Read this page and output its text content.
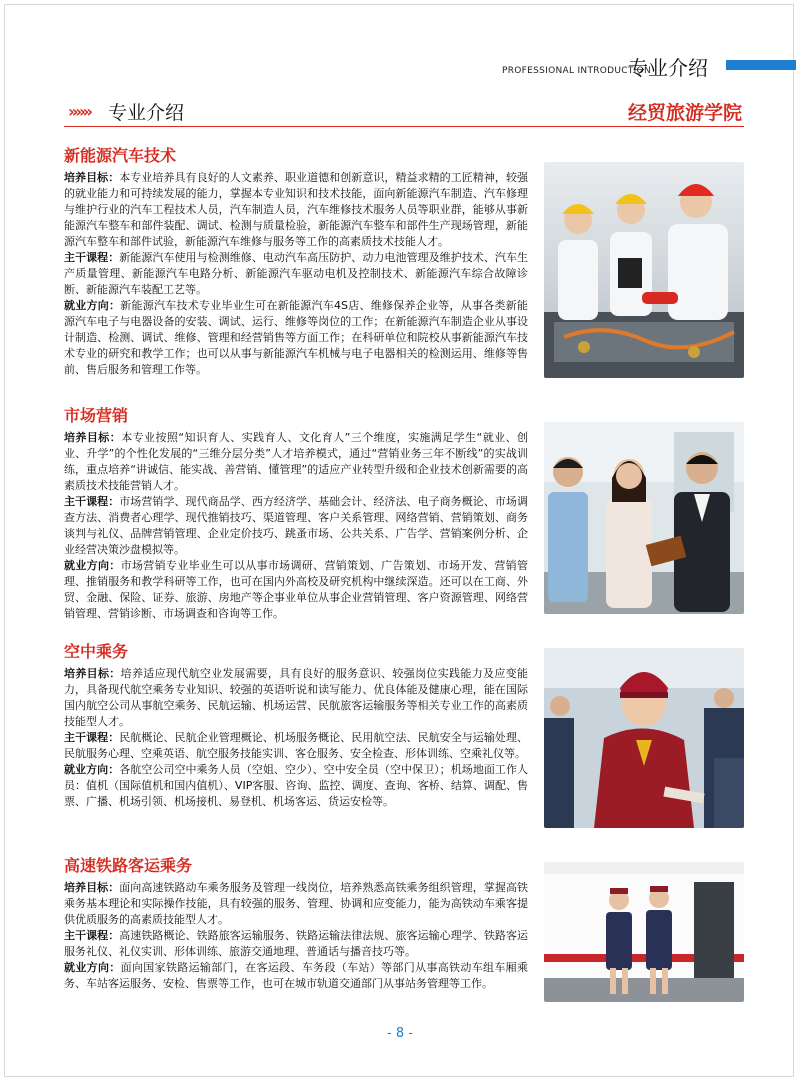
PROFESSIONAL INTRODUCTION
专业介绍
»»» 专业介绍	经贸旅游学院
新能源汽车技术

培养目标：本专业培养具有良好的人文素养、职业道德和创新意识，精益求精的工匠精神，较强的就业能力和可持续发展的能力，掌握本专业知识和技术技能，面向新能源汽车制造、汽车修理与维护行业的汽车工程技术人员，汽车制造人员，汽车维修技术服务人员等职业群，能够从事新能源汽车整车和部件装配、调试、检测与质量检验，新能源汽车整车和部件生产现场管理，新能源汽车整车和部件试验，新能源汽车维修与服务等工作的高素质技术技能人才。

主干课程：新能源汽车使用与检测维修、电动汽车高压防护、动力电池管理及维护技术、汽车生产质量管理、新能源汽车电路分析、新能源汽车驱动电机及控制技术、新能源汽车综合故障诊断、新能源汽车装配工艺等。

就业方向：新能源汽车技术专业毕业生可在新能源汽车4S店、维修保养企业等，从事各类新能源汽车电子与电器设备的安装、调试、运行、维修等岗位的工作；在新能源汽车制造企业从事设计制造、检测、调试、维修、管理和经营销售等方面工作；在科研单位和院校从事新能源汽车技术专业的研究和教学工作；也可以从事与新能源汽车机械与电子电器相关的检测运用、维修等售前、售后服务和管理工作等。

市场营销

培养目标：本专业按照“知识育人、实践育人、文化育人”三个维度，实施满足学生“就业、创业、升学”的个性化发展的“三维分层分类”人才培养模式，通过“营销业务三年不断线”的实战训练，重点培养“讲诚信、能实战、善营销、懂管理”的适应产业转型升级和企业技术创新需要的高素质技术技能营销人才。

主干课程：市场营销学、现代商品学、西方经济学、基础会计、经济法、电子商务概论、市场调查方法、消费者心理学、现代推销技巧、渠道管理、客户关系管理、网络营销、营销策划、商务谈判与礼仪、品牌营销管理、企业定价技巧、跳蚤市场、公共关系、广告学、营销案例分析、企业经营决策沙盘模拟等。

就业方向：市场营销专业毕业生可以从事市场调研、营销策划、广告策划、市场开发、营销管理、推销服务和教学科研等工作，也可在国内外高校及研究机构中继续深造。还可以在工商、外贸、金融、保险、证券、旅游、房地产等企事业单位从事企业营销管理、客户资源管理、网络营销管理、营销诊断、市场调查和咨询等工作。

空中乘务

培养目标：培养适应现代航空业发展需要，具有良好的服务意识、较强岗位实践能力及应变能力，具备现代航空乘务专业知识、较强的英语听说和读写能力、优良体能及健康心理，能在国际国内航空公司从事航空乘务、民航运输、机场运营、民航旅客运输服务等相关专业工作的高素质技能型人才。

主干课程：民航概论、民航企业管理概论、机场服务概论、民用航空法、民航安全与运输处理、民航服务心理、空乘英语、航空服务技能实训、客仓服务、安全检查、形体训练、空乘礼仪等。

就业方向：各航空公司空中乘务人员（空姐、空少）、空中安全员（空中保卫）；机场地面工作人员：值机（国际值机和国内值机）、VIP客服、咨询、监控、调度、查询、客桥、结算、调配、售票、广播、机场引领、机场接机、易登机、机场客运、货运安检等。

高速铁路客运乘务

培养目标：面向高速铁路动车乘务服务及管理一线岗位，培养熟悉高铁乘务组织管理，掌握高铁乘务基本理论和实际操作技能，具有较强的服务、管理、协调和应变能力，能为高铁动车乘客提供优质服务的高素质技能型人才。

主干课程：高速铁路概论、铁路旅客运输服务、铁路运输法律法规、旅客运输心理学、铁路客运服务礼仪、礼仪实训、形体训练、旅游交通地理、普通话与播音技巧等。

就业方向：面向国家铁路运输部门，在客运段、车务段（车站）等部门从事高铁动车组车厢乘务、车站客运服务、安检、售票等工作，也可在城市轨道交通部门从事站务管理等工作。

- 8 -
